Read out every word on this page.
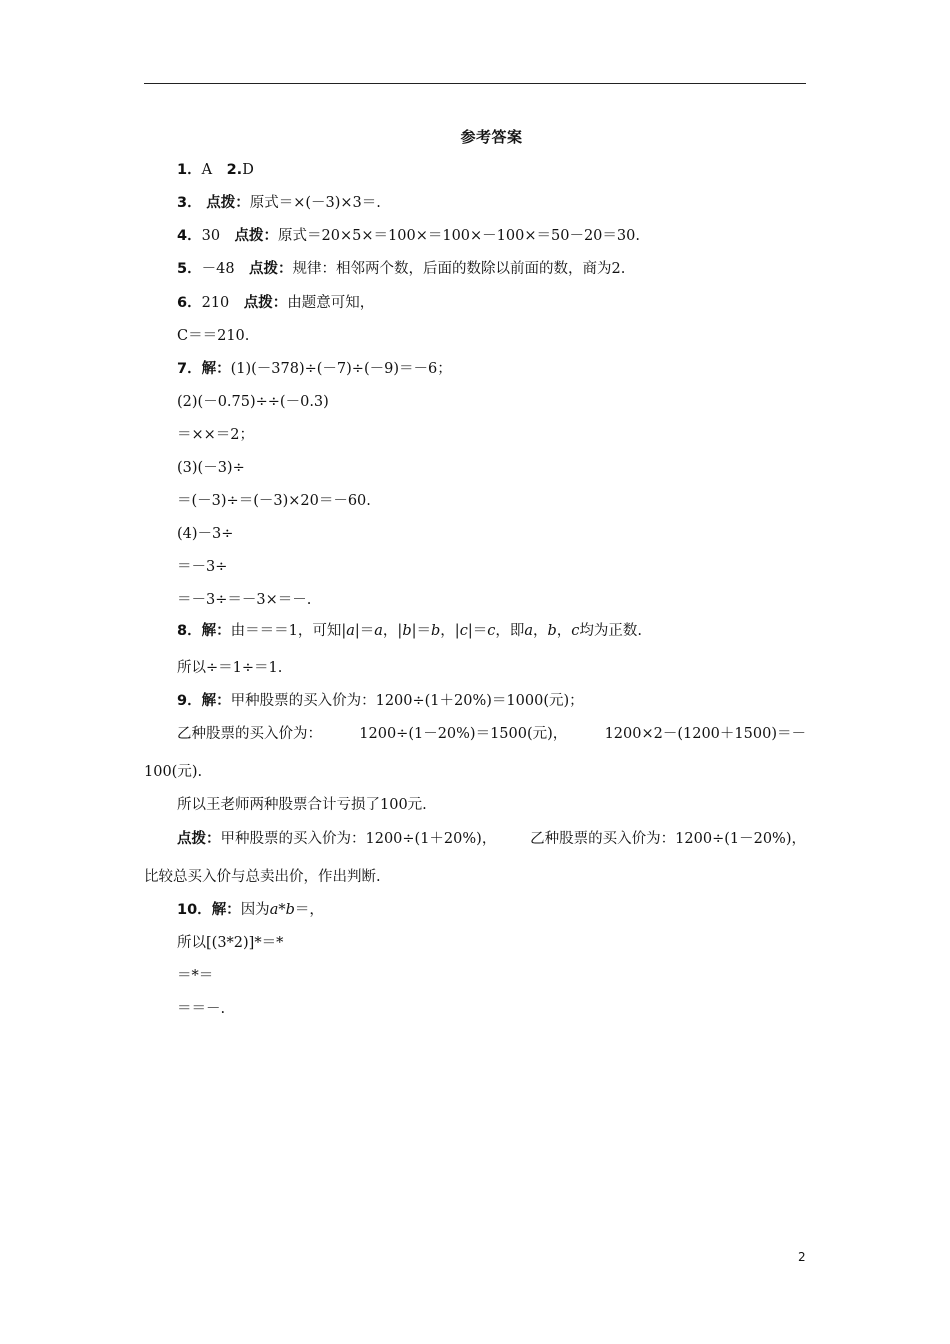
参考答案
1．A　2.D
3． 点拨：原式＝×(－3)×3＝.
4．30　点拨：原式＝20×5×＝100×＝100×－100×＝50－20＝30.
5．－48　点拨：规律：相邻两个数，后面的数除以前面的数，商为2.
6．210　点拨：由题意可知，
C＝＝210.
7．解：(1)(－378)÷(－7)÷(－9)＝－6；
(2)(－0.75)÷÷(－0.3)
＝××＝2；
(3)(－3)÷
＝(－3)÷＝(－3)×20＝－60.
(4)－3÷
＝－3÷
＝－3÷＝－3×＝－.
8．解：由＝＝＝1，可知|a|＝a，|b|＝b，|c|＝c，即a，b，c均为正数.
所以÷＝1÷＝1.
9．解：甲种股票的买入价为：1200÷(1＋20%)＝1000(元)；
乙种股票的买入价为：	1200÷(1－20%)＝1500(元)，	1200×2－(1200＋1500)＝－
100(元).
所以王老师两种股票合计亏损了100元.
点拨：甲种股票的买入价为：1200÷(1＋20%)， 乙种股票的买入价为：1200÷(1－20%)，
比较总买入价与总卖出价，作出判断.
10．解：因为a*b＝，
所以[(3*2)]*＝*
＝*＝
＝＝－.
2
